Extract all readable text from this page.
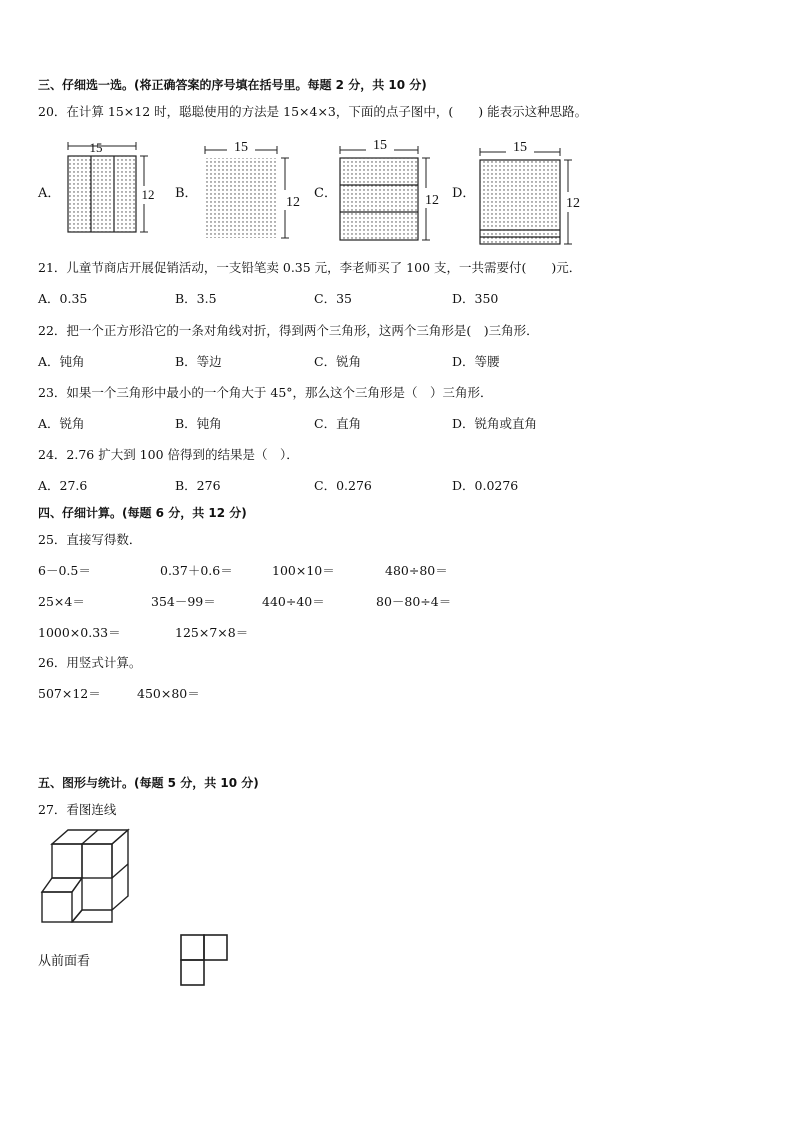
三、仔细选一选。(将正确答案的序号填在括号里。每题 2 分，共 10 分)
20．在计算 15×12 时，聪聪使用的方法是 15×4×3，下面的点子图中，(　　) 能表示这种思路。
A．	B．	C．	D．
15
12
15
12
15
12
15
12
21．儿童节商店开展促销活动，一支铅笔卖 0.35 元，李老师买了 100 支，一共需要付(　　)元．
A．0.35	B．3.5	C．35	D．350
22．把一个正方形沿它的一条对角线对折，得到两个三角形，这两个三角形是(　)三角形．
A．钝角	B．等边	C．锐角	D．等腰
23．如果一个三角形中最小的一个角大于 45°，那么这个三角形是（　）三角形．
A．锐角	B．钝角	C．直角	D．锐角或直角
24．2.76 扩大到 100 倍得到的结果是（　）．
A．27.6	B．276	C．0.276	D．0.0276
四、仔细计算。(每题 6 分，共 12 分)
25．直接写得数．
6－0.5＝	0.37＋0.6＝	100×10＝	480÷80＝
25×4＝	354－99＝	440÷40＝	80－80÷4＝
1000×0.33＝	125×7×8＝
26．用竖式计算。
507×12＝	450×80＝
五、图形与统计。(每题 5 分，共 10 分)
27．看图连线
从前面看
